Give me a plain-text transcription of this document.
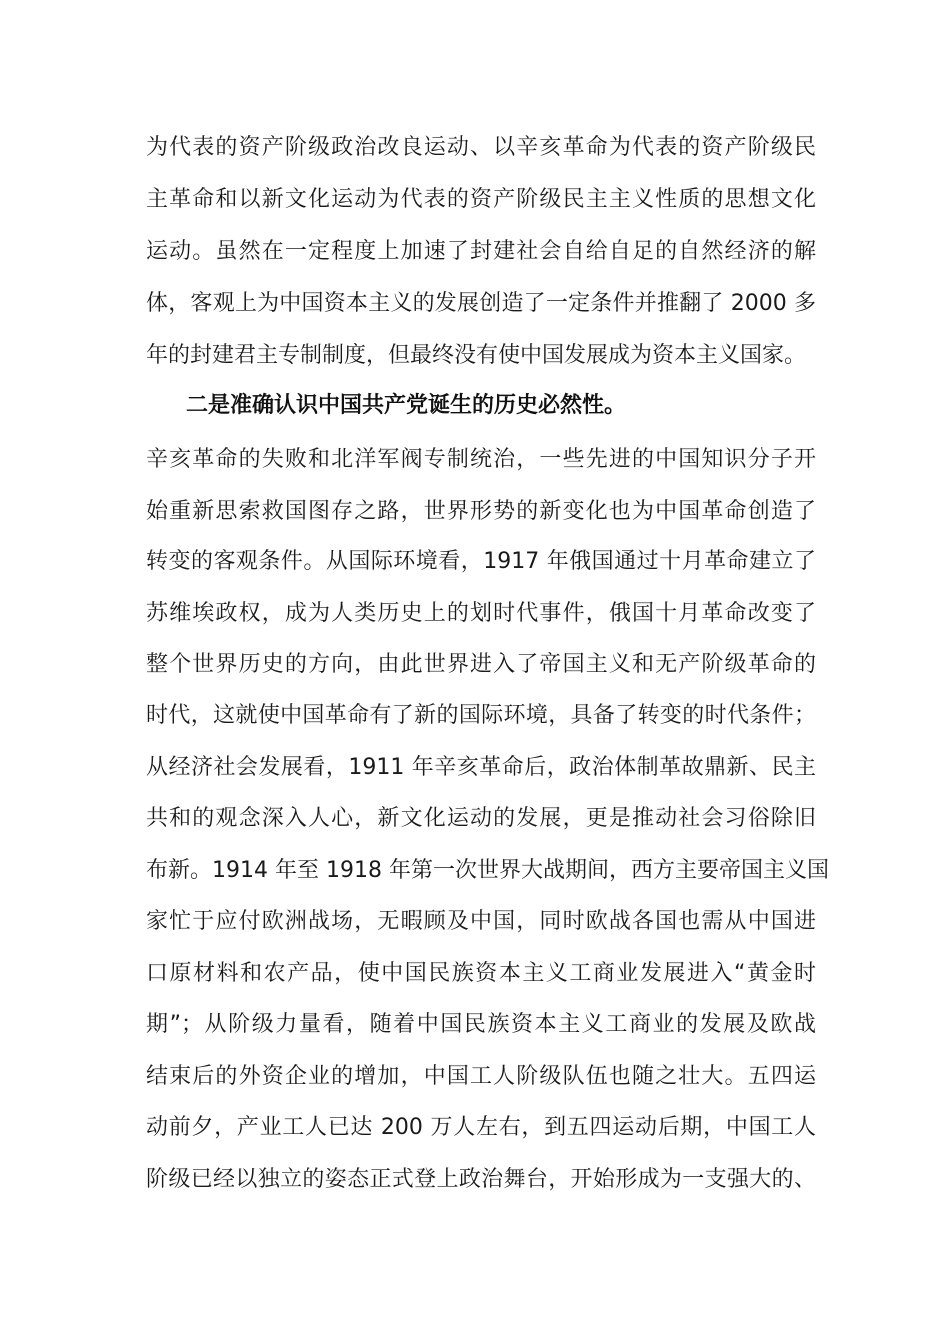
为代表的资产阶级政治改良运动、以辛亥革命为代表的资产阶级民
主革命和以新文化运动为代表的资产阶级民主主义性质的思想文化
运动。虽然在一定程度上加速了封建社会自给自足的自然经济的解
体，客观上为中国资本主义的发展创造了一定条件并推翻了 2000 多
年的封建君主专制制度，但最终没有使中国发展成为资本主义国家。
二是准确认识中国共产党诞生的历史必然性。
辛亥革命的失败和北洋军阀专制统治，一些先进的中国知识分子开
始重新思索救国图存之路，世界形势的新变化也为中国革命创造了
转变的客观条件。从国际环境看，1917 年俄国通过十月革命建立了
苏维埃政权，成为人类历史上的划时代事件，俄国十月革命改变了
整个世界历史的方向，由此世界进入了帝国主义和无产阶级革命的
时代，这就使中国革命有了新的国际环境，具备了转变的时代条件；
从经济社会发展看，1911 年辛亥革命后，政治体制革故鼎新、民主
共和的观念深入人心，新文化运动的发展，更是推动社会习俗除旧
布新。1914 年至 1918 年第一次世界大战期间，西方主要帝国主义国
家忙于应付欧洲战场，无暇顾及中国，同时欧战各国也需从中国进
口原材料和农产品，使中国民族资本主义工商业发展进入“黄金时
期”；从阶级力量看，随着中国民族资本主义工商业的发展及欧战
结束后的外资企业的增加，中国工人阶级队伍也随之壮大。五四运
动前夕，产业工人已达 200 万人左右，到五四运动后期，中国工人
阶级已经以独立的姿态正式登上政治舞台，开始形成为一支强大的、
